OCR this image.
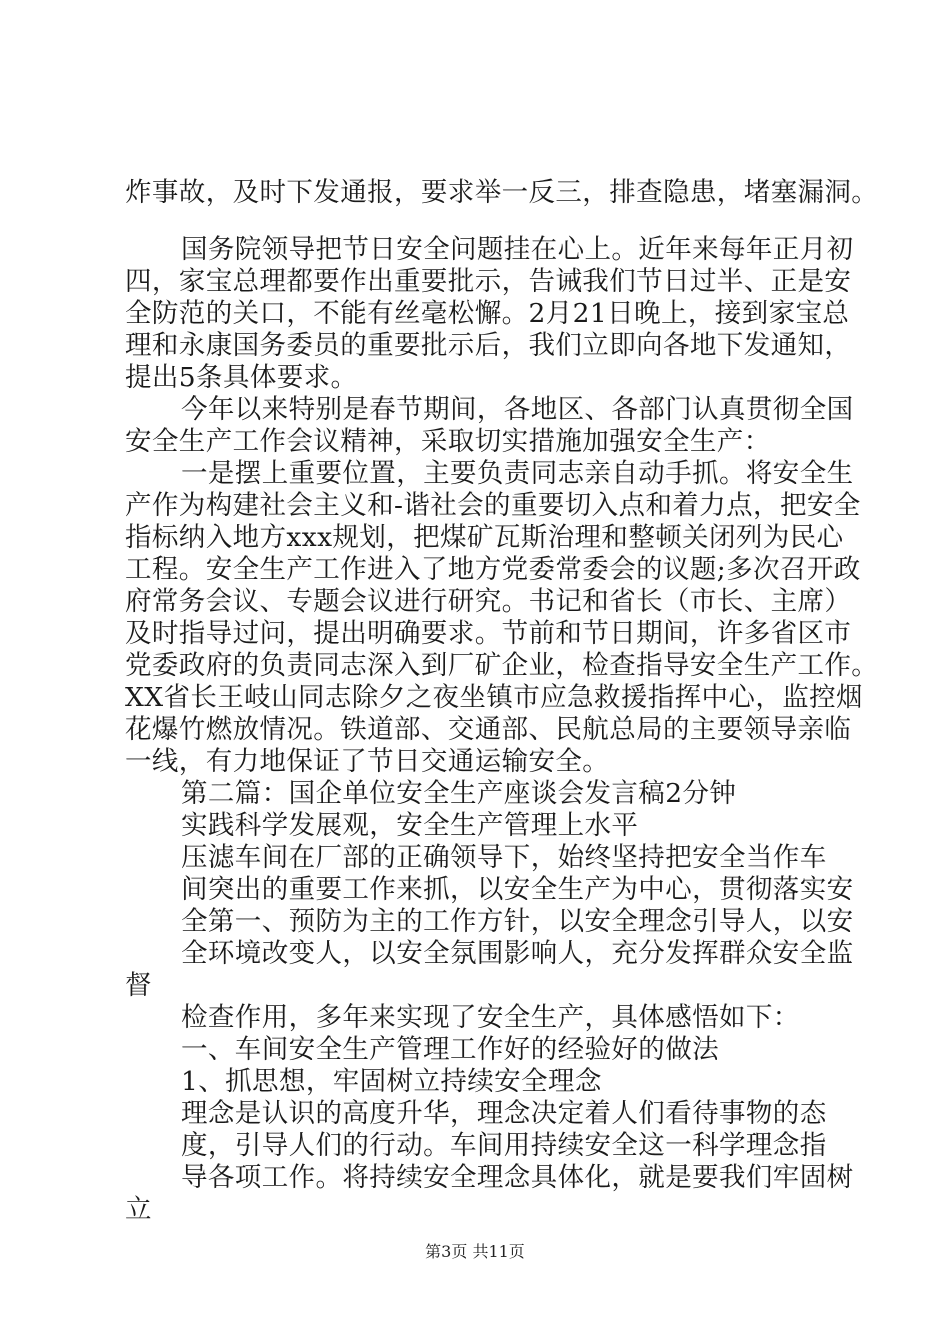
炸事故，及时下发通报，要求举一反三，排查隐患，堵塞漏洞。
国务院领导把节日安全问题挂在心上。近年来每年正月初
四，家宝总理都要作出重要批示，告诫我们节日过半、正是安
全防范的关口，不能有丝毫松懈。2月21日晚上，接到家宝总
理和永康国务委员的重要批示后，我们立即向各地下发通知，
提出5条具体要求。
今年以来特别是春节期间，各地区、各部门认真贯彻全国
安全生产工作会议精神，采取切实措施加强安全生产：
一是摆上重要位置，主要负责同志亲自动手抓。将安全生
产作为构建社会主义和-谐社会的重要切入点和着力点，把安全
指标纳入地方xxx规划，把煤矿瓦斯治理和整顿关闭列为民心
工程。安全生产工作进入了地方党委常委会的议题;多次召开政
府常务会议、专题会议进行研究。书记和省长（市长、主席）
及时指导过问，提出明确要求。节前和节日期间，许多省区市
党委政府的负责同志深入到厂矿企业，检查指导安全生产工作。
XX省长王岐山同志除夕之夜坐镇市应急救援指挥中心，监控烟
花爆竹燃放情况。铁道部、交通部、民航总局的主要领导亲临
一线，有力地保证了节日交通运输安全。
第二篇：国企单位安全生产座谈会发言稿2分钟
实践科学发展观，安全生产管理上水平
压滤车间在厂部的正确领导下，始终坚持把安全当作车
间突出的重要工作来抓，以安全生产为中心，贯彻落实安
全第一、预防为主的工作方针，以安全理念引导人，以安
全环境改变人，以安全氛围影响人，充分发挥群众安全监
督
检查作用，多年来实现了安全生产，具体感悟如下：
一、车间安全生产管理工作好的经验好的做法
1、抓思想，牢固树立持续安全理念
理念是认识的高度升华，理念决定着人们看待事物的态
度，引导人们的行动。车间用持续安全这一科学理念指
导各项工作。将持续安全理念具体化，就是要我们牢固树
立
第3页 共11页
